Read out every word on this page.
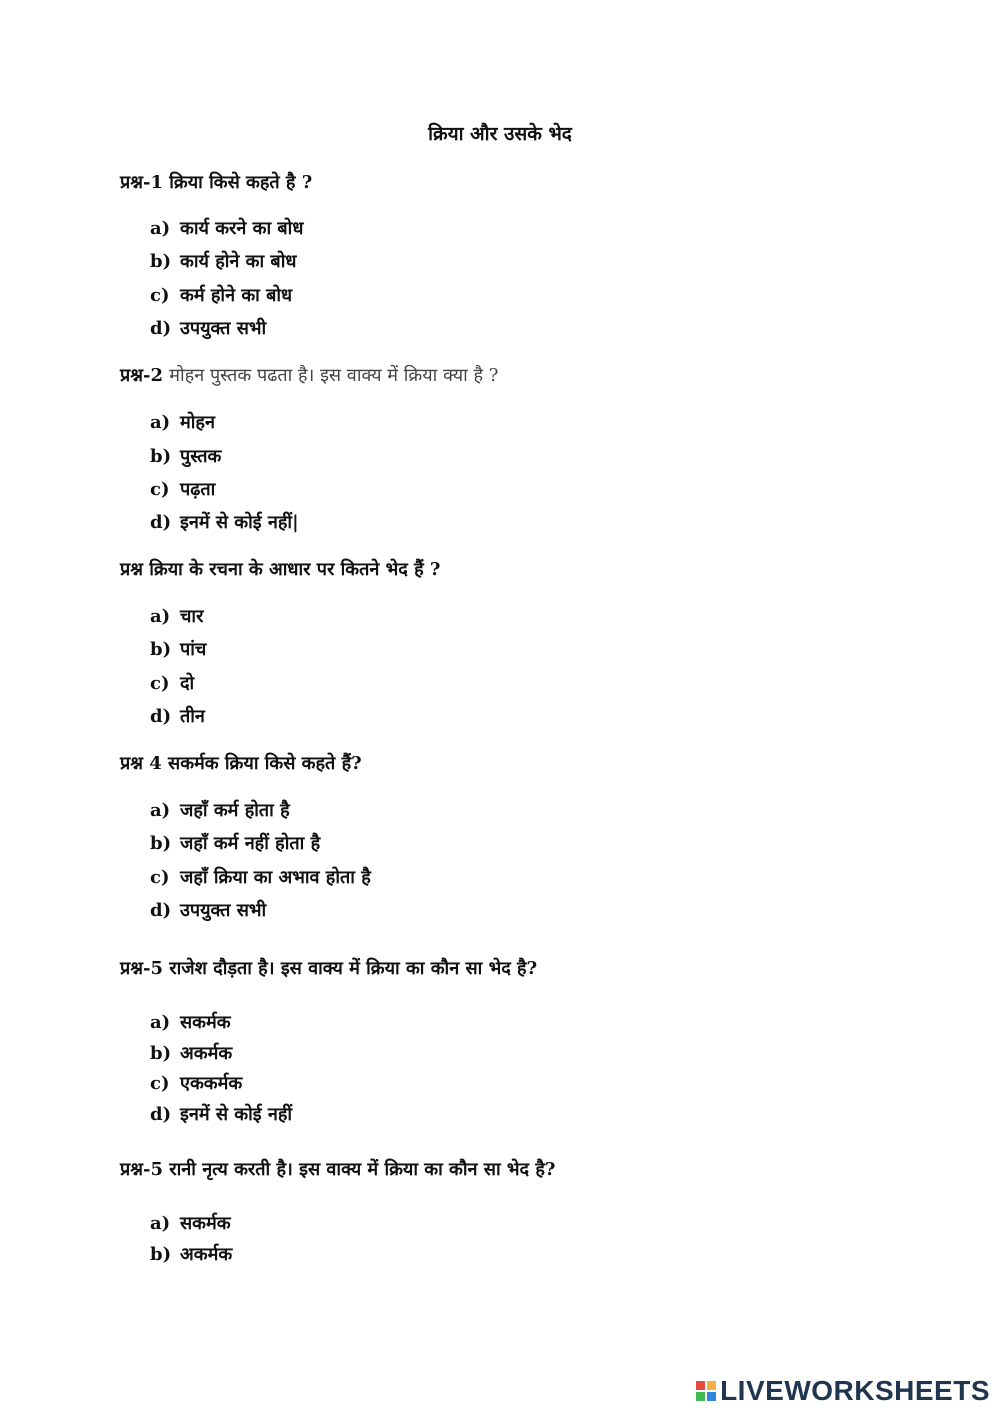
क्रिया और उसके भेद
प्रश्न-1 क्रिया किसे कहते है ?
a) कार्य करने का बोध
b) कार्य होने का बोध
c) कर्म होने का बोध
d) उपयुक्त सभी
प्रश्न-2 मोहन पुस्तक पढता है। इस वाक्य में क्रिया क्या है ?
a) मोहन
b) पुस्तक
c) पढ़ता
d) इनमें से कोई नहीं|
प्रश्न क्रिया के रचना के आधार पर कितने भेद हैं ?
a) चार
b) पांच
c) दो
d) तीन
प्रश्न 4 सकर्मक क्रिया किसे कहते हैं?
a) जहाँ कर्म होता है
b) जहाँ कर्म नहीं होता है
c) जहाँ क्रिया का अभाव होता है
d) उपयुक्त सभी
प्रश्न-5 राजेश दौड़ता है। इस वाक्य में क्रिया का कौन सा भेद है?
a) सकर्मक
b) अकर्मक
c) एककर्मक
d) इनमें से कोई नहीं
प्रश्न-5 रानी नृत्य करती है। इस वाक्य में क्रिया का कौन सा भेद है?
a) सकर्मक
b) अकर्मक
LIVEWORKSHEETS
